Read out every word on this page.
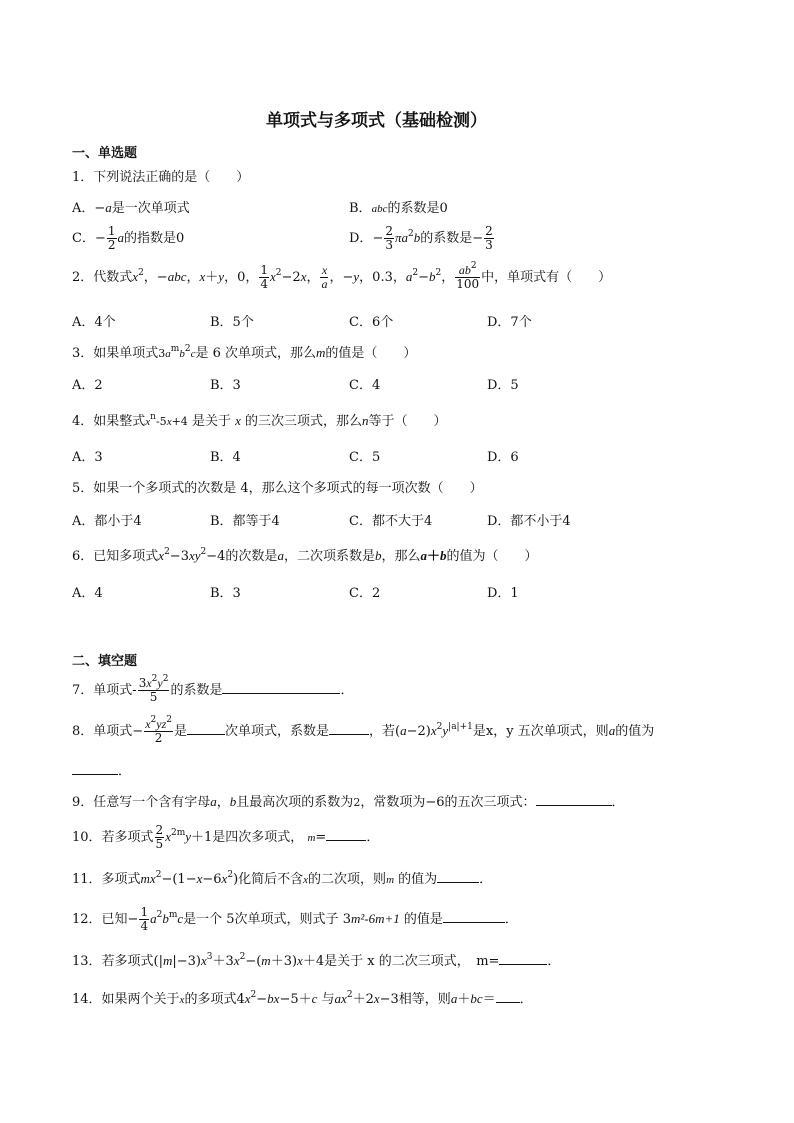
单项式与多项式（基础检测）
一、单选题
1．下列说法正确的是（　　）
A．−a是一次单项式	B．abc的系数是0
C．− $\frac{1}{2}$ a的指数是0	D．− $\frac{2}{3} \pi a^2b$的系数是− $\frac{2}{3}$
2．代数式$x^2$，−abc，x＋y，0， $\frac{1}{4} x^2-2x$， $\frac{x}{a}$ ，−y，0.3，$a^2-b^2$， $\frac{ab^2}{100}$ 中，单项式有（　　）
A．4个	B．5个	C．6个	D．7个
3．如果单项式$3a^mb^2c$是 6 次单项式，那么m的值是（　　）
A．2	B．3	C．4	D．5
4．如果整式$x^n-5x+4$ 是关于 x 的三次三项式，那么n等于（　　）
A．3	B．4	C．5	D．6
5．如果一个多项式的次数是 4，那么这个多项式的每一项次数（　　）
A．都小于4	B．都等于4	C．都不大于4	D．都不小于4
6．已知多项式$x^2-3xy^2-4$的次数是a，二次项系数是b，那么a＋b的值为（　　）
A．4	B．3	C．2	D．1
二、填空题
7．单项式- $\frac{3x^2y^2}{5}$ 的系数是	．
8．单项式− $\frac{x^2yz^2}{2}$ 是	次单项式，系数是	，若$(a-2)x^2y^{|a|+1}$是x，y 五次单项式，则a的值为
．
9．任意写一个含有字母a，b且最高次项的系数为2，常数项为−6的五次三项式：	．
10．若多项式 $\frac{2}{5} x^{2m}y+1$是四次多项式， m=	．
11．多项式$mx^2-(1-x-6x^2)$化简后不含x的二次项，则m 的值为	．
12．已知− $\frac{1}{4} a^2b^mc$是一个 5次单项式，则式子 3m²-6m+1 的值是	．
13．若多项式$(|m|-3)x^3+3x^2-(m+3)x+4$是关于 x 的二次三项式，　m=	．
14．如果两个关于x的多项式$4x^2-bx-5+c$ 与$ax^2+2x-3$相等，则a＋bc＝ ．
